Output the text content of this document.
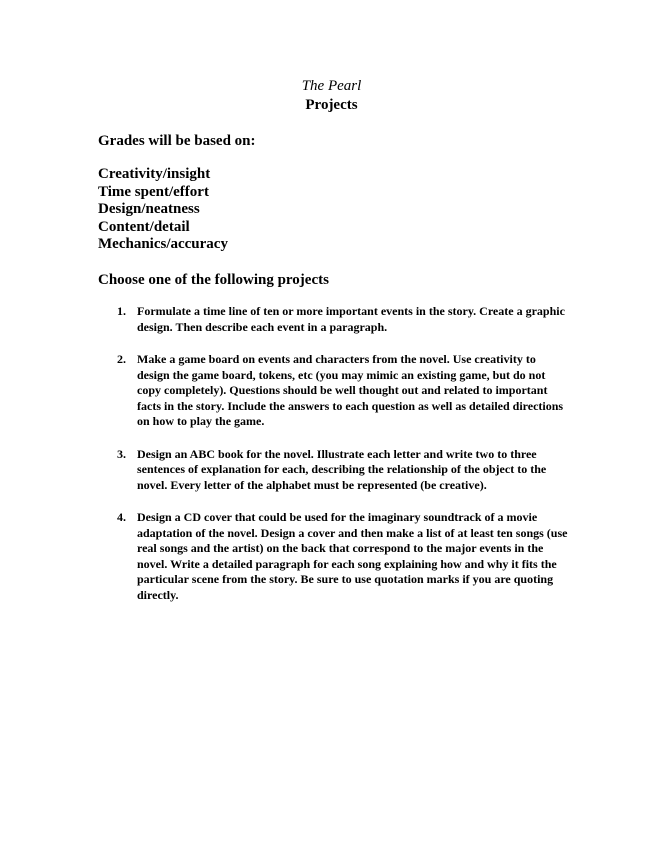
The Pearl
Projects
Grades will be based on:
Creativity/insight
Time spent/effort
Design/neatness
Content/detail
Mechanics/accuracy
Choose one of the following projects
1. Formulate a time line of ten or more important events in the story. Create a graphic design. Then describe each event in a paragraph.
2. Make a game board on events and characters from the novel. Use creativity to design the game board, tokens, etc (you may mimic an existing game, but do not copy completely). Questions should be well thought out and related to important facts in the story. Include the answers to each question as well as detailed directions on how to play the game.
3. Design an ABC book for the novel. Illustrate each letter and write two to three sentences of explanation for each, describing the relationship of the object to the novel. Every letter of the alphabet must be represented (be creative).
4. Design a CD cover that could be used for the imaginary soundtrack of a movie adaptation of the novel. Design a cover and then make a list of at least ten songs (use real songs and the artist) on the back that correspond to the major events in the novel. Write a detailed paragraph for each song explaining how and why it fits the particular scene from the story. Be sure to use quotation marks if you are quoting directly.
